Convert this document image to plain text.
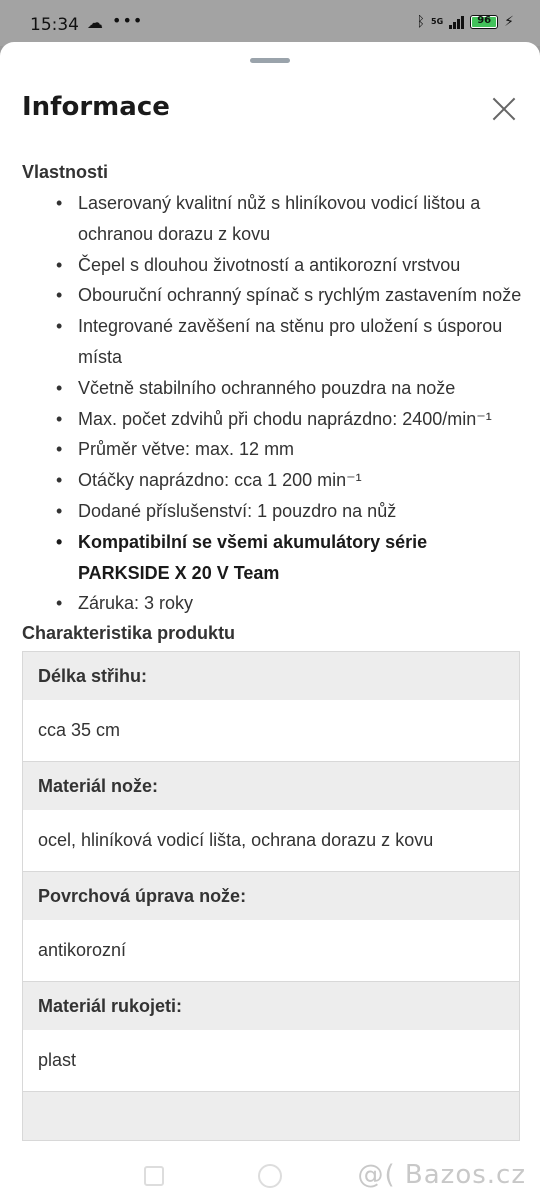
15:34 ☁ •••	ᛒ 5G	96 ⚡
Informace
Vlastnosti
• Laserovaný kvalitní nůž s hliníkovou vodicí lištou a ochranou dorazu z kovu
• Čepel s dlouhou životností a antikorozní vrstvou
• Obouruční ochranný spínač s rychlým zastavením nože
• Integrované zavěšení na stěnu pro uložení s úsporou místa
• Včetně stabilního ochranného pouzdra na nože
• Max. počet zdvihů při chodu naprázdno: 2400/min⁻¹
• Průměr větve: max. 12 mm
• Otáčky naprázdno: cca 1 200 min⁻¹
• Dodané příslušenství: 1 pouzdro na nůž
• Kompatibilní se všemi akumulátory série PARKSIDE X 20 V Team
• Záruka: 3 roky
Charakteristika produktu
Délka střihu:
cca 35 cm
Materiál nože:
ocel, hliníková vodicí lišta, ochrana dorazu z kovu
Povrchová úprava nože:
antikorozní
Materiál rukojeti:
plast
@( Bazos.cz
